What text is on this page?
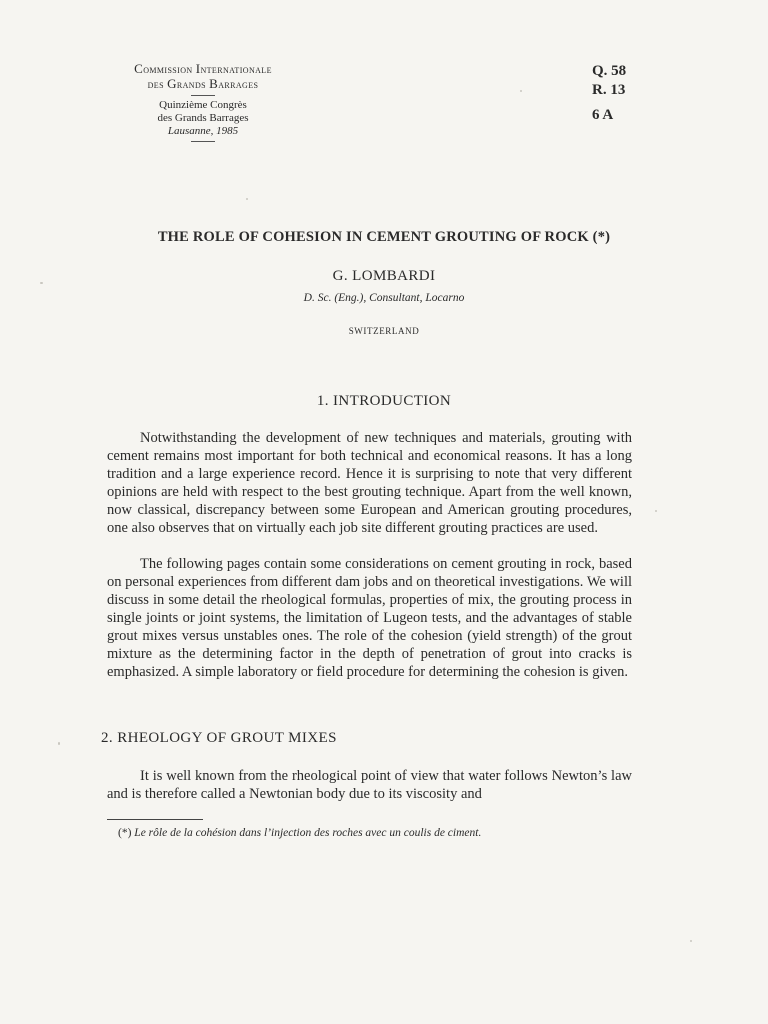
Commission Internationale
des Grands Barrages
Quinzième Congrès
des Grands Barrages
Lausanne, 1985
Q. 58
R. 13
6 A
THE ROLE OF COHESION IN CEMENT GROUTING OF ROCK (*)
G. LOMBARDI
D. Sc. (Eng.), Consultant, Locarno
SWITZERLAND
1. INTRODUCTION

Notwithstanding the development of new techniques and materials, grouting with cement remains most important for both technical and economical reasons. It has a long tradition and a large experience record. Hence it is surprising to note that very different opinions are held with respect to the best grouting technique. Apart from the well known, now classical, discrepancy between some European and American grouting procedures, one also observes that on virtually each job site different grouting practices are used.

The following pages contain some considerations on cement grouting in rock, based on personal experiences from different dam jobs and on theoretical investigations. We will discuss in some detail the rheological formulas, properties of mix, the grouting process in single joints or joint systems, the limitation of Lugeon tests, and the advantages of stable grout mixes versus unstables ones. The role of the cohesion (yield strength) of the grout mixture as the determining factor in the depth of penetration of grout into cracks is emphasized. A simple laboratory or field procedure for determining the cohesion is given.

2. RHEOLOGY OF GROUT MIXES

It is well known from the rheological point of view that water follows Newton’s law and is therefore called a Newtonian body due to its viscosity and

(*) Le rôle de la cohésion dans l’injection des roches avec un coulis de ciment.
